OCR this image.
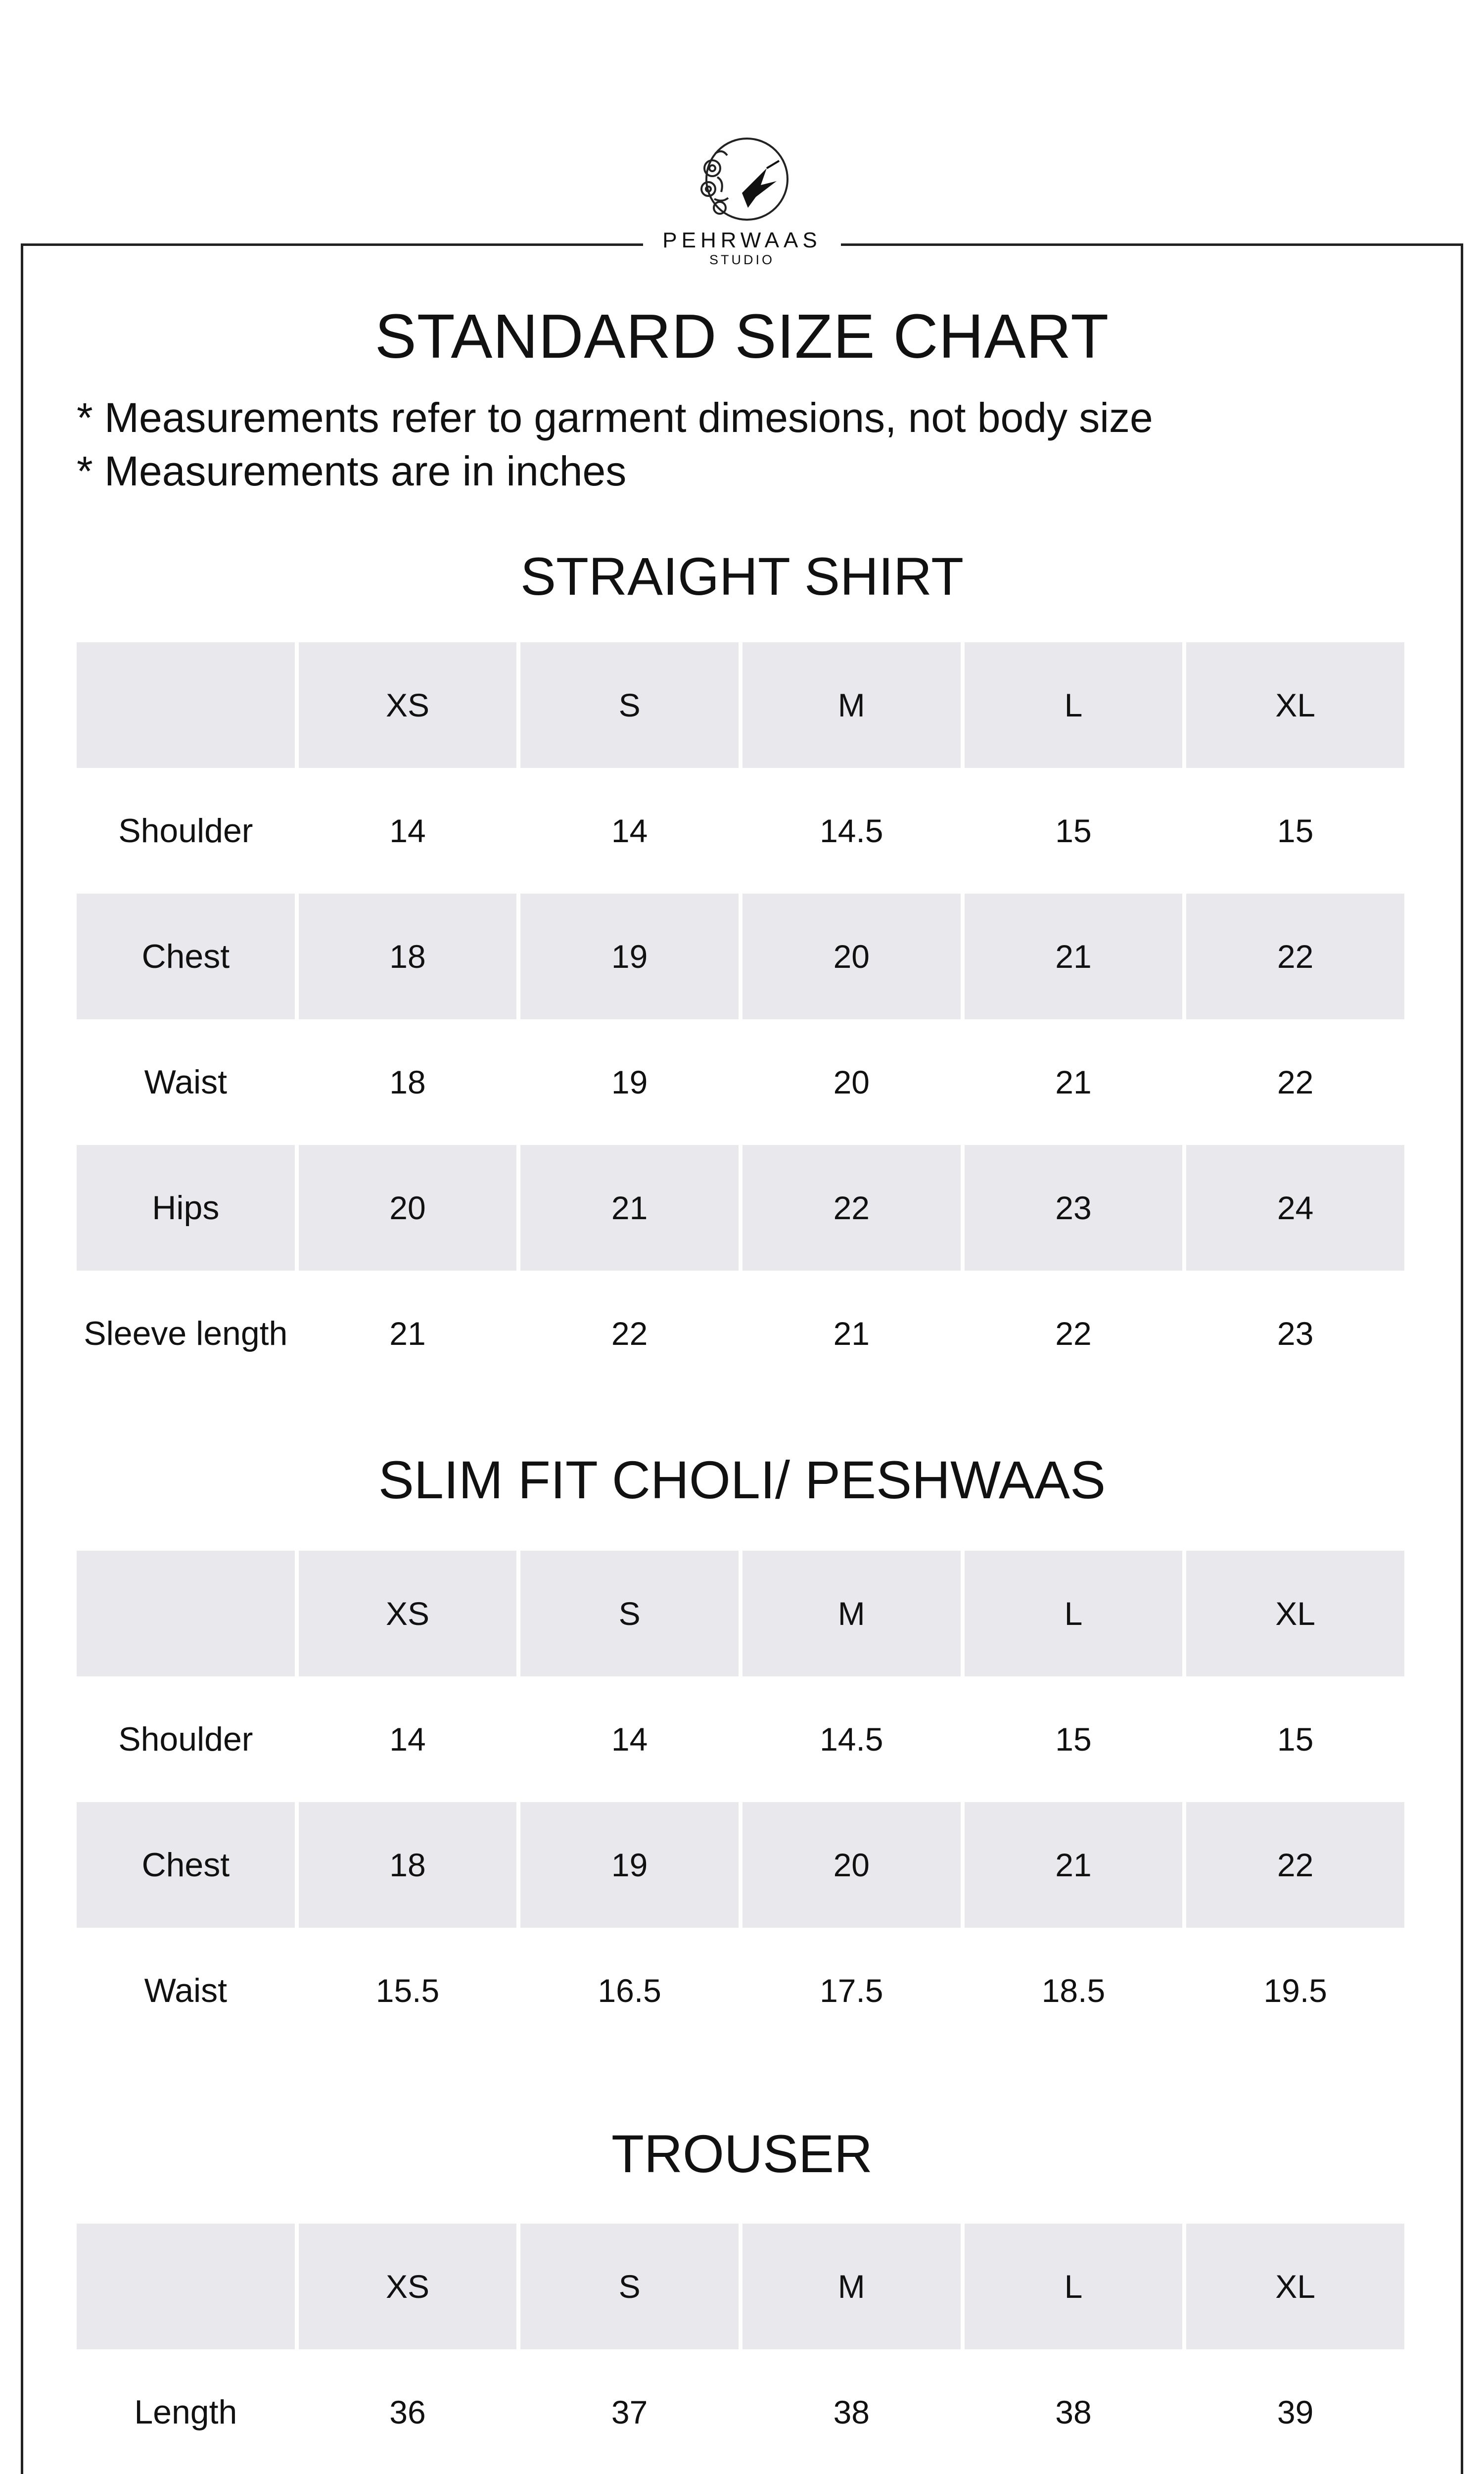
PEHRWAAS
STUDIO
STANDARD SIZE CHART
* Measurements refer to garment dimesions, not body size
* Measurements are in inches
STRAIGHT SHIRT
	XS	S	M	L	XL
Shoulder	14	14	14.5	15	15
Chest	18	19	20	21	22
Waist	18	19	20	21	22
Hips	20	21	22	23	24
Sleeve length	21	22	21	22	23
SLIM FIT CHOLI/ PESHWAAS
	XS	S	M	L	XL
Shoulder	14	14	14.5	15	15
Chest	18	19	20	21	22
Waist	15.5	16.5	17.5	18.5	19.5
TROUSER
	XS	S	M	L	XL
Length	36	37	38	38	39
